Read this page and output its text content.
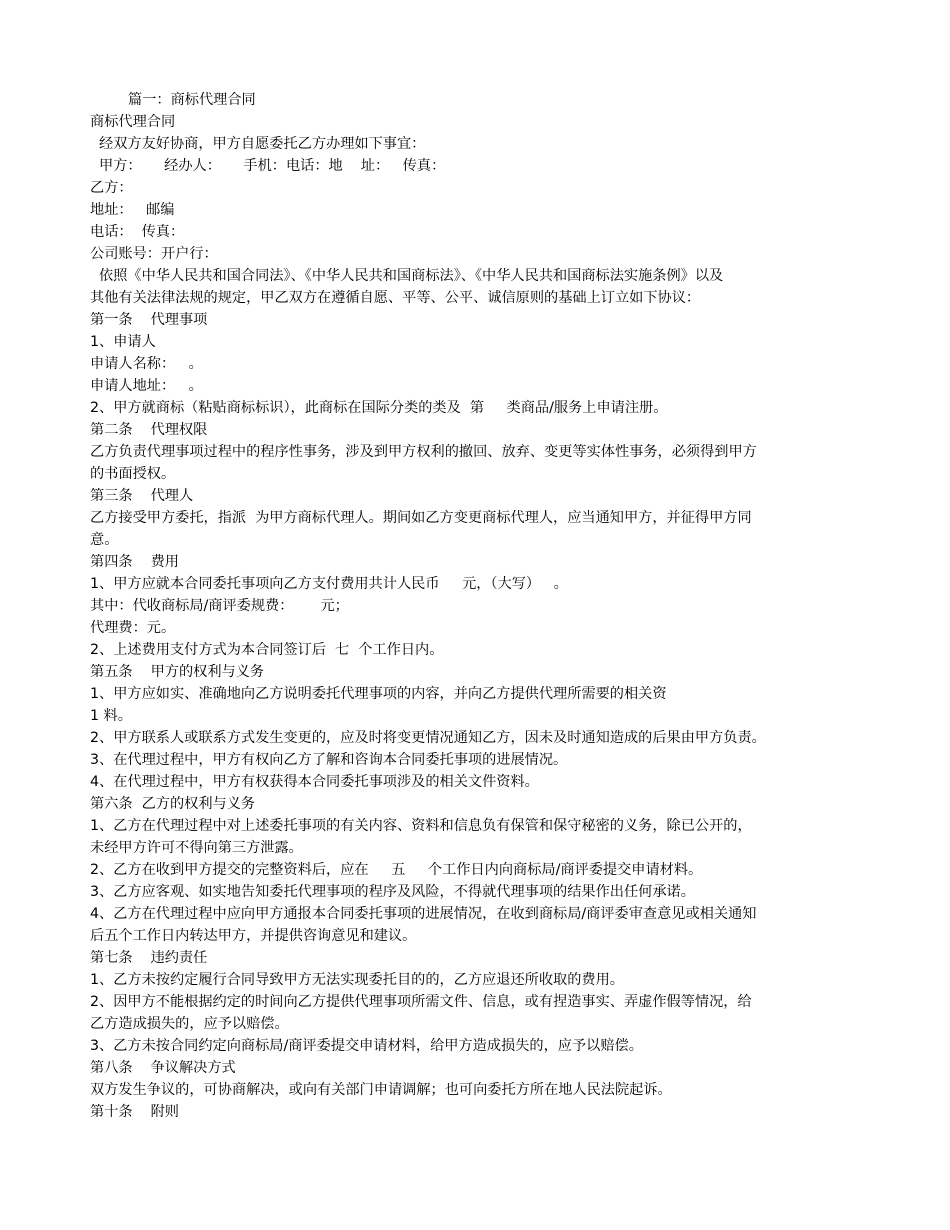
篇一：商标代理合同
商标代理合同
经双方友好协商，甲方自愿委托乙方办理如下事宜：
甲方：     经办人：     手机：电话：地    址：   传真：
乙方：
地址：   邮编
电话：  传真：
公司账号：开户行：
依照《中华人民共和国合同法》、《中华人民共和国商标法》、《中华人民共和国商标法实施条例》以及
其他有关法律法规的规定，甲乙双方在遵循自愿、平等、公平、诚信原则的基础上订立如下协议：
第一条    代理事项
1、申请人
申请人名称：   。
申请人地址：   。
2、甲方就商标（粘贴商标标识），此商标在国际分类的类及  第     类商品/服务上申请注册。
第二条    代理权限
乙方负责代理事项过程中的程序性事务，涉及到甲方权利的撤回、放弃、变更等实体性事务，必须得到甲方
的书面授权。
第三条    代理人
乙方接受甲方委托，指派  为甲方商标代理人。期间如乙方变更商标代理人，应当通知甲方，并征得甲方同
意。
第四条    费用
1、甲方应就本合同委托事项向乙方支付费用共计人民币     元，（大写）   。
其中：代收商标局/商评委规费：      元；
代理费：元。
2、上述费用支付方式为本合同签订后  七  个工作日内。
第五条    甲方的权利与义务
1、甲方应如实、准确地向乙方说明委托代理事项的内容，并向乙方提供代理所需要的相关资
1 料。
2、甲方联系人或联系方式发生变更的，应及时将变更情况通知乙方，因未及时通知造成的后果由甲方负责。
3、在代理过程中，甲方有权向乙方了解和咨询本合同委托事项的进展情况。
4、在代理过程中，甲方有权获得本合同委托事项涉及的相关文件资料。
第六条  乙方的权利与义务
1、乙方在代理过程中对上述委托事项的有关内容、资料和信息负有保管和保守秘密的义务，除已公开的，
未经甲方许可不得向第三方泄露。
2、乙方在收到甲方提交的完整资料后，应在     五     个工作日内向商标局/商评委提交申请材料。
3、乙方应客观、如实地告知委托代理事项的程序及风险，不得就代理事项的结果作出任何承诺。
4、乙方在代理过程中应向甲方通报本合同委托事项的进展情况，在收到商标局/商评委审查意见或相关通知
后五个工作日内转达甲方，并提供咨询意见和建议。
第七条    违约责任
1、乙方未按约定履行合同导致甲方无法实现委托目的的，乙方应退还所收取的费用。
2、因甲方不能根据约定的时间向乙方提供代理事项所需文件、信息，或有捏造事实、弄虚作假等情况，给
乙方造成损失的，应予以赔偿。
3、乙方未按合同约定向商标局/商评委提交申请材料，给甲方造成损失的，应予以赔偿。
第八条    争议解决方式
双方发生争议的，可协商解决，或向有关部门申请调解；也可向委托方所在地人民法院起诉。
第十条    附则
